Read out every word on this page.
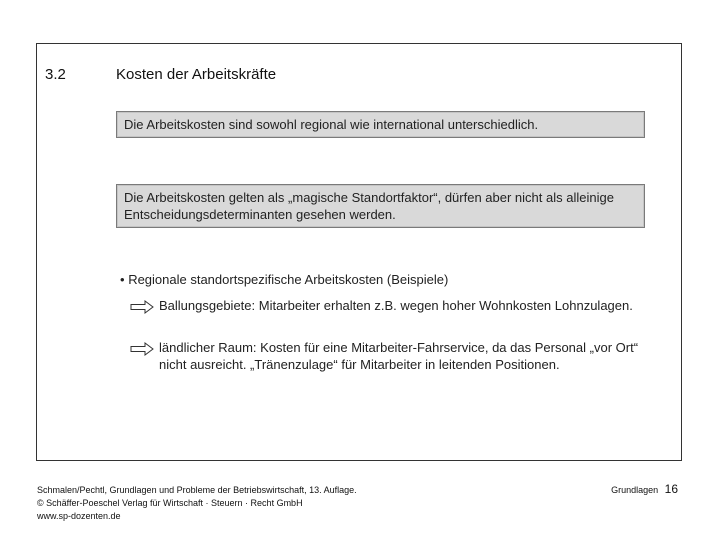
3.2	Kosten der Arbeitskräfte
Die Arbeitskosten sind sowohl regional wie international unterschiedlich.
Die Arbeitskosten gelten als „magische Standortfaktor“, dürfen aber nicht als alleinige Entscheidungsdeterminanten gesehen werden.
• Regionale standortspezifische Arbeitskosten (Beispiele)
Ballungsgebiete: Mitarbeiter erhalten z.B. wegen hoher Wohnkosten Lohnzulagen.
ländlicher Raum: Kosten für eine Mitarbeiter-Fahrservice, da das Personal „vor Ort“ nicht ausreicht. „Tränenzulage“ für Mitarbeiter in leitenden Positionen.
Schmalen/Pechtl, Grundlagen und Probleme der Betriebswirtschaft, 13. Auflage.
© Schäffer-Poeschel Verlag für Wirtschaft · Steuern · Recht GmbH
www.sp-dozenten.de
Grundlagen 16
